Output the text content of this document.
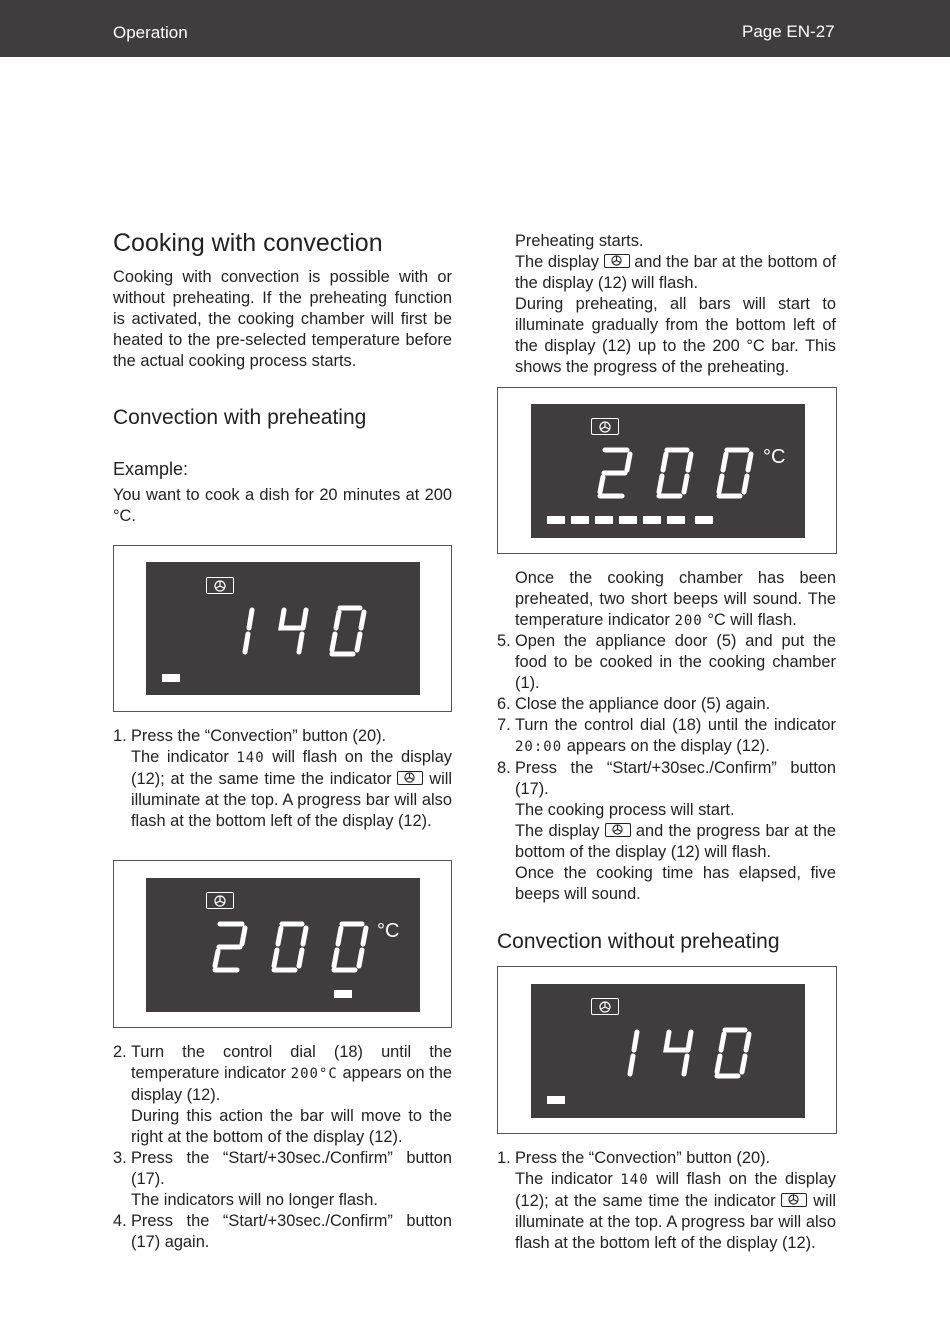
Operation	Page EN-27
Cooking with convection

Cooking with convection is possible with or without preheating. If the preheating function is activated, the cooking chamber will first be heated to the pre-selected temperature before the actual cooking process starts.

Convection with preheating
Example:

You want to cook a dish for 20 minutes at 200 °C.

1. Press the “Convection” button (20).

The indicator 140 will flash on the display (12); at the same time the indicator will illuminate at the top. A progress bar will also flash at the bottom left of the display (12).

°C
2. Turn the control dial (18) until the temperature indicator 200°C appears on the display (12).

During this action the bar will move to the right at the bottom of the display (12).

3. Press the “Start/+30sec./Confirm” button (17).

The indicators will no longer flash.

4. Press the “Start/+30sec./Confirm” button (17) again.

Preheating starts.

The display and the bar at the bottom of the display (12) will flash.

During preheating, all bars will start to illuminate gradually from the bottom left of the display (12) up to the 200 °C bar. This shows the progress of the preheating.

°C

Once the cooking chamber has been preheated, two short beeps will sound. The temperature indicator 200 °C will flash.

5. Open the appliance door (5) and put the food to be cooked in the cooking chamber (1).

6. Close the appliance door (5) again.

7. Turn the control dial (18) until the indicator 20:00 appears on the display (12).

8. Press the “Start/+30sec./Confirm” button (17).

The cooking process will start.

The display and the progress bar at the bottom of the display (12) will flash.

Once the cooking time has elapsed, five beeps will sound.

Convection without preheating
1. Press the “Convection” button (20).

The indicator 140 will flash on the display (12); at the same time the indicator will illuminate at the top. A progress bar will also flash at the bottom left of the display (12).
